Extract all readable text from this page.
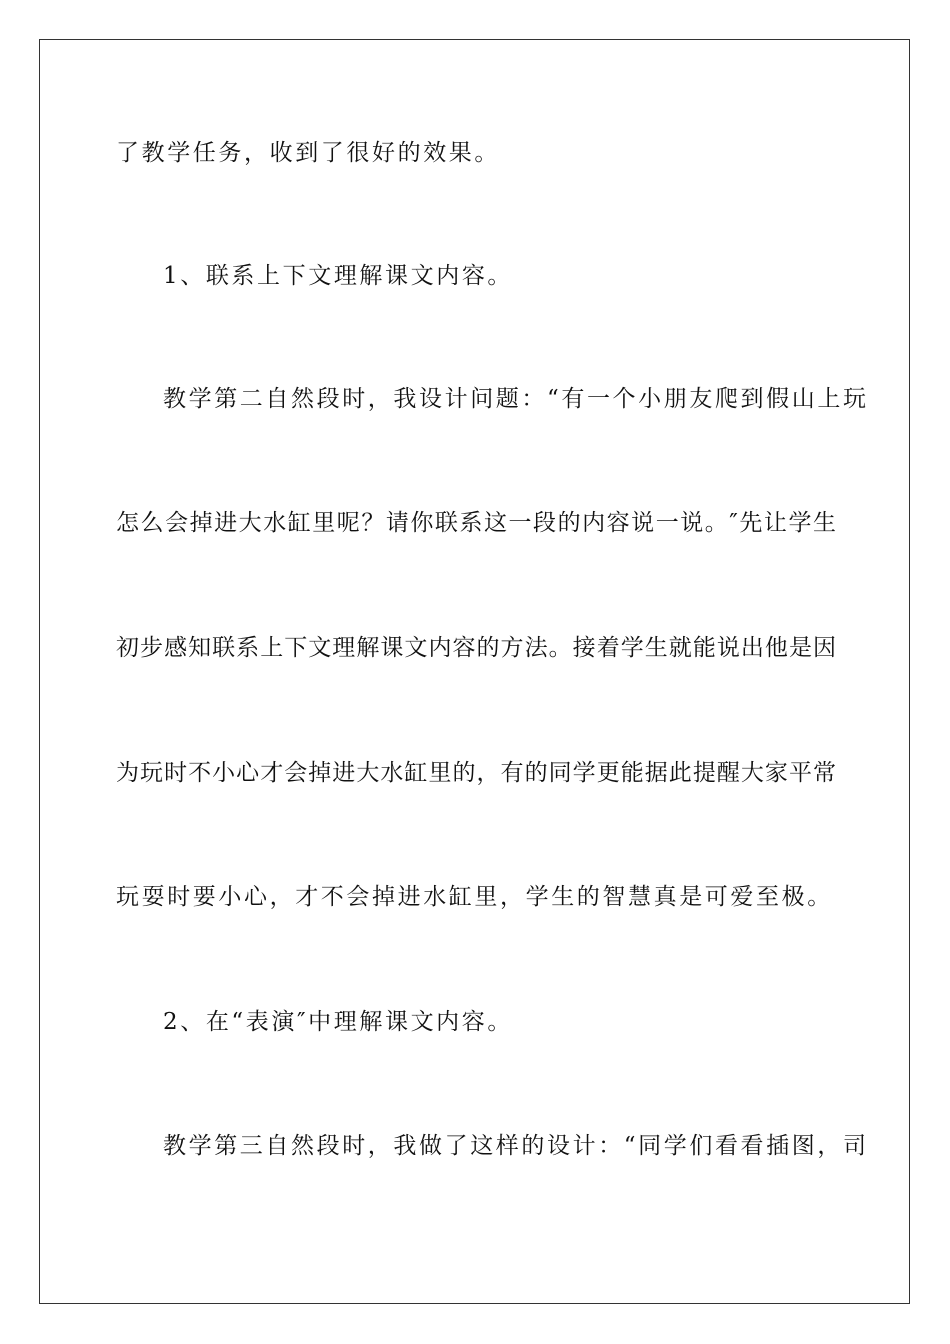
了教学任务，收到了很好的效果。
1、联系上下文理解课文内容。
教学第二自然段时，我设计问题：“有一个小朋友爬到假山上玩
怎么会掉进大水缸里呢？请你联系这一段的内容说一说。″先让学生
初步感知联系上下文理解课文内容的方法。接着学生就能说出他是因
为玩时不小心才会掉进大水缸里的，有的同学更能据此提醒大家平常
玩耍时要小心，才不会掉进水缸里，学生的智慧真是可爱至极。
2、在“表演″中理解课文内容。
教学第三自然段时，我做了这样的设计：“同学们看看插图，司
